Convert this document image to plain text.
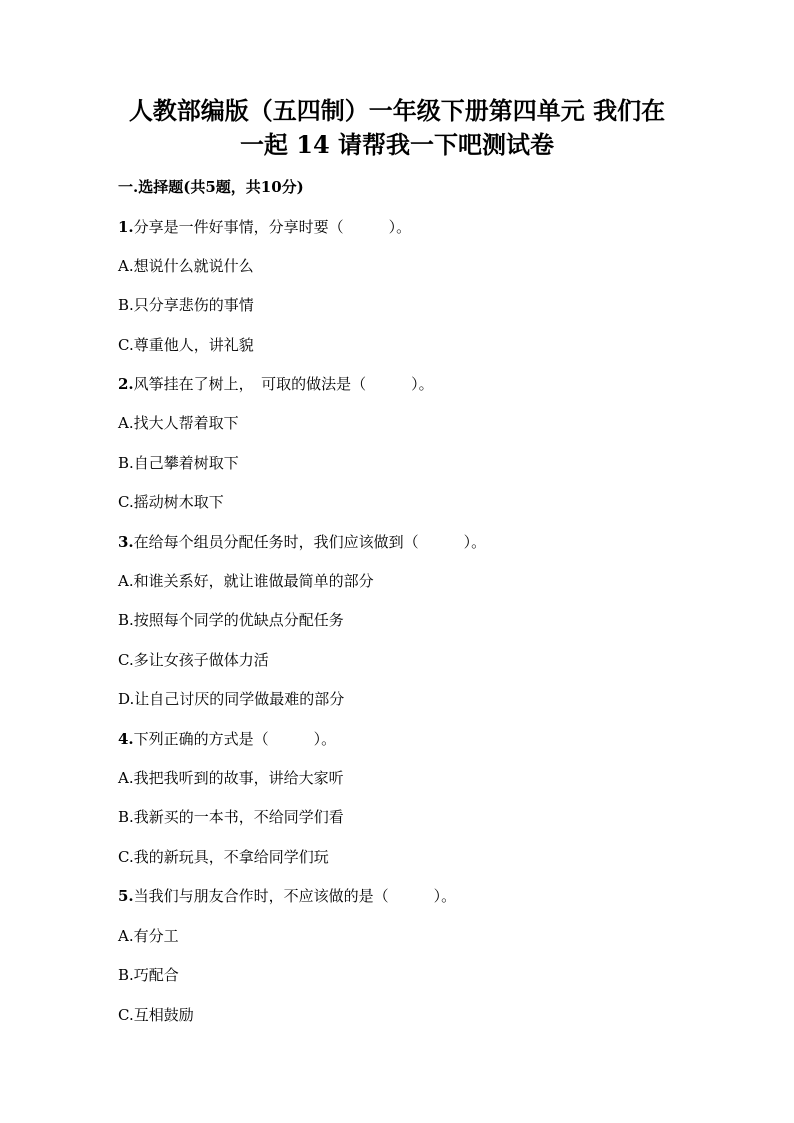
人教部编版（五四制）一年级下册第四单元 我们在
一起 14 请帮我一下吧测试卷
一.选择题(共5题，共10分)
1.分享是一件好事情，分享时要（　　　）。
A.想说什么就说什么
B.只分享悲伤的事情
C.尊重他人，讲礼貌
2.风筝挂在了树上，　可取的做法是（　　　）。
A.找大人帮着取下
B.自己攀着树取下
C.摇动树木取下
3.在给每个组员分配任务时，我们应该做到（　　　）。
A.和谁关系好，就让谁做最简单的部分
B.按照每个同学的优缺点分配任务
C.多让女孩子做体力活
D.让自己讨厌的同学做最难的部分
4.下列正确的方式是（　　　）。
A.我把我听到的故事，讲给大家听
B.我新买的一本书，不给同学们看
C.我的新玩具，不拿给同学们玩
5.当我们与朋友合作时，不应该做的是（　　　）。
A.有分工
B.巧配合
C.互相鼓励
